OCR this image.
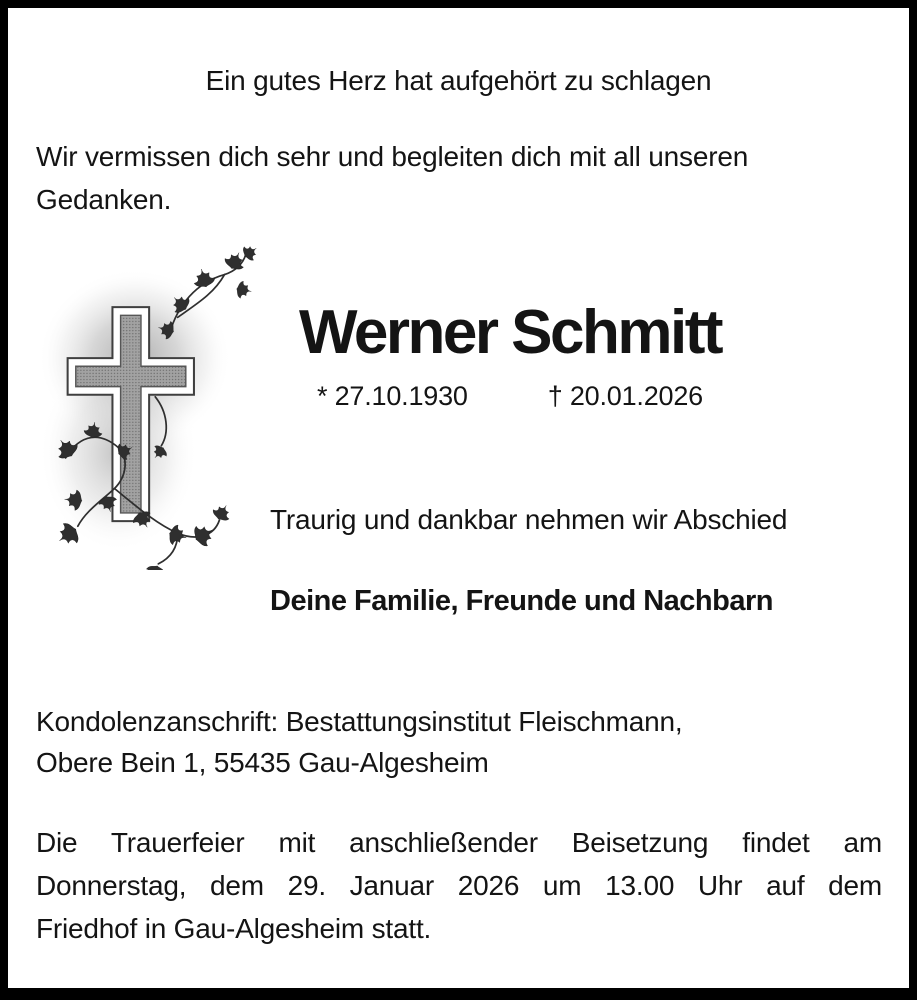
Ein gutes Herz hat aufgehört zu schlagen
Wir vermissen dich sehr und begleiten dich mit all unseren
Gedanken.
Werner Schmitt
* 27.10.1930	† 20.01.2026
Traurig und dankbar nehmen wir Abschied
Deine Familie, Freunde und Nachbarn
Kondolenzanschrift: Bestattungsinstitut Fleischmann,
Obere Bein 1, 55435 Gau-Algesheim
Die Trauerfeier mit anschließender Beisetzung findet am
Donnerstag, dem 29. Januar 2026 um 13.00 Uhr auf dem
Friedhof in Gau-Algesheim statt.
